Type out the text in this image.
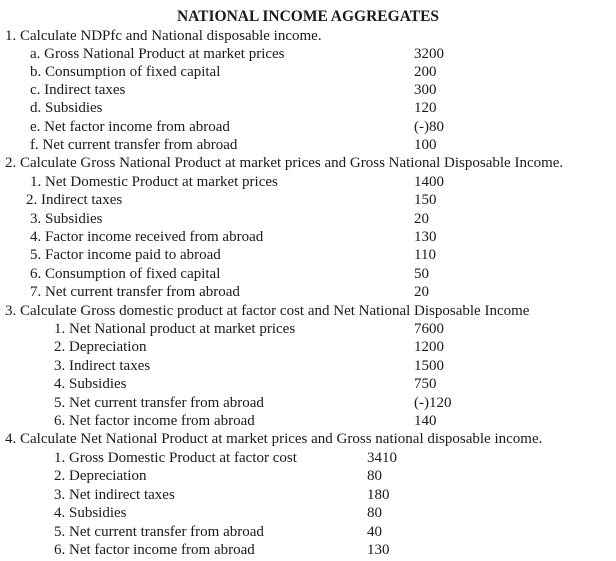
NATIONAL INCOME AGGREGATES
1. Calculate NDPfc and National disposable income.
a. Gross National Product at market prices	3200
b. Consumption of fixed capital	200
c. Indirect taxes	300
d. Subsidies	120
e. Net factor income from abroad	(-)80
f. Net current transfer from abroad	100
2. Calculate Gross National Product at market prices and Gross National Disposable Income.
1. Net Domestic Product at market prices	1400
2. Indirect taxes	150
3. Subsidies	20
4. Factor income received from abroad	130
5. Factor income paid to abroad	110
6. Consumption of fixed capital	50
7. Net current transfer from abroad	20
3. Calculate Gross domestic product at factor cost and Net National Disposable Income
1. Net National product at market prices	7600
2. Depreciation	1200
3. Indirect taxes	1500
4. Subsidies	750
5. Net current transfer from abroad	(-)120
6. Net factor income from abroad	140
4. Calculate Net National Product at market prices and Gross national disposable income.
1. Gross Domestic Product at factor cost	3410
2. Depreciation	80
3. Net indirect taxes	180
4. Subsidies	80
5. Net current transfer from abroad	40
6. Net factor income from abroad	130
